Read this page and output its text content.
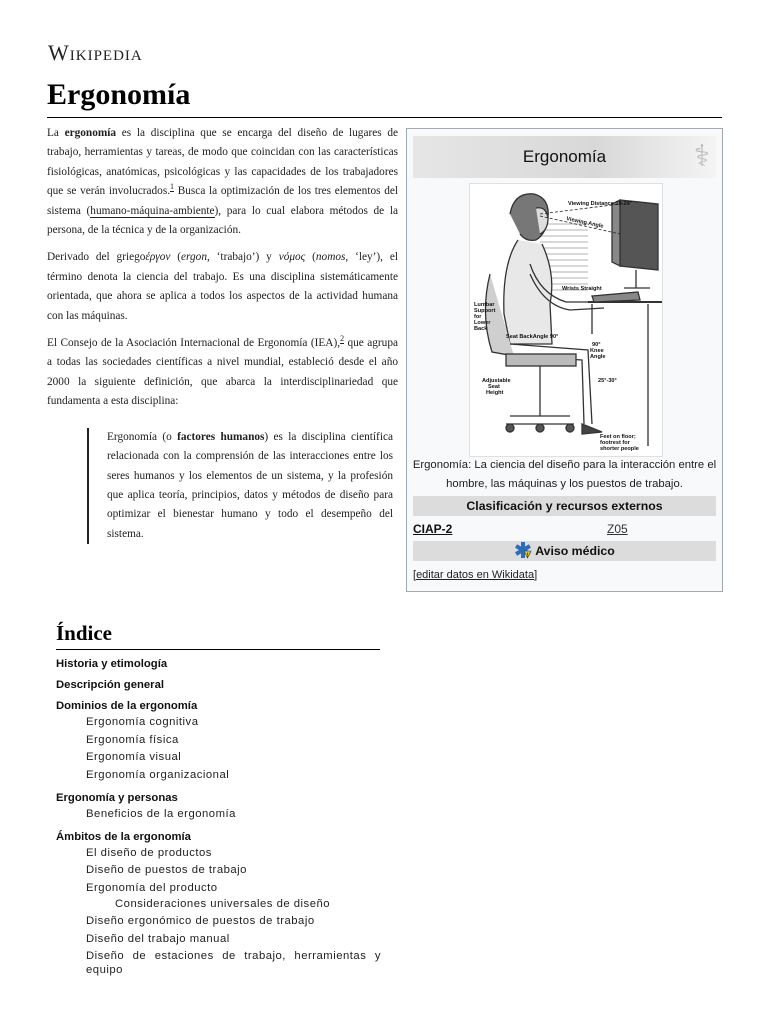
Wikipedia
Ergonomía

La ergonomía es la disciplina que se encarga del diseño de lugares de trabajo, herramientas y tareas, de modo que coincidan con las características fisiológicas, anatómicas, psicológicas y las capacidades de los trabajadores que se verán involucrados.$^1$ Busca la optimización de los tres elementos del sistema (humano-máquina-ambiente), para lo cual elabora métodos de la persona, de la técnica y de la organización.

Derivado del griegoέργον (ergon, ‘trabajo’) y νόμος (nomos, ‘ley’), el término denota la ciencia del trabajo. Es una disciplina sistemáticamente orientada, que ahora se aplica a todos los aspectos de la actividad humana con las máquinas.

El Consejo de la Asociación Internacional de Ergonomía (IEA),$^2$ que agrupa a todas las sociedades científicas a nivel mundial, estableció desde el año 2000 la siguiente definición, que abarca la interdisciplinariedad que fundamenta a esta disciplina:

Ergonomía (o factores humanos) es la disciplina científica relacionada con la comprensión de las interacciones entre los seres humanos y los elementos de un sistema, y la profesión que aplica teoría, principios, datos y métodos de diseño para optimizar el bienestar humano y todo el desempeño del sistema.
Ergonomía	⚕
Viewing Distance 18-24"
Viewing Angle
Wrists Straight
Lumbar
Support
for
Lower
Back
Seat BackAngle 90°
90°
Knee
Angle
Adjustable
Seat
Height
25°-30°
Feet on floor;
footrest for
shorter people
Ergonomía: La ciencia del diseño para la interacción entre el hombre, las máquinas y los puestos de trabajo.
Clasificación y recursos externos
CIAP-2	Z05
Aviso médico
[editar datos en Wikidata]
Índice
Historia y etimología
Descripción general
Dominios de la ergonomía
Ergonomía cognitiva
Ergonomía física
Ergonomía visual
Ergonomía organizacional
Ergonomía y personas
Beneficios de la ergonomía
Ámbitos de la ergonomía
El diseño de productos
Diseño de puestos de trabajo
Ergonomía del producto
Consideraciones universales de diseño
Diseño ergonómico de puestos de trabajo
Diseño del trabajo manual
Diseño de estaciones de trabajo, herramientas y equipo
